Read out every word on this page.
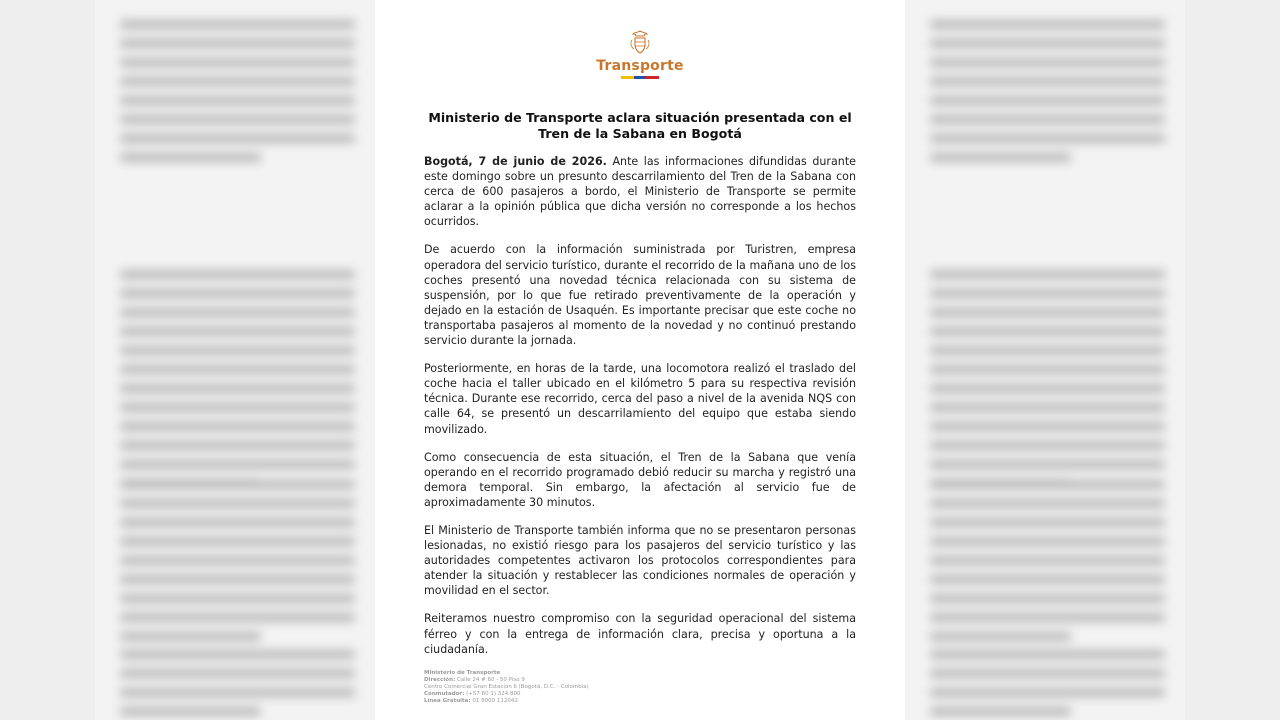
Transporte
Ministerio de Transporte aclara situación presentada con el Tren de la Sabana en Bogotá

Bogotá, 7 de junio de 2026. Ante las informaciones difundidas durante este domingo sobre un presunto descarrilamiento del Tren de la Sabana con cerca de 600 pasajeros a bordo, el Ministerio de Transporte se permite aclarar a la opinión pública que dicha versión no corresponde a los hechos ocurridos.

De acuerdo con la información suministrada por Turistren, empresa operadora del servicio turístico, durante el recorrido de la mañana uno de los coches presentó una novedad técnica relacionada con su sistema de suspensión, por lo que fue retirado preventivamente de la operación y dejado en la estación de Usaquén. Es importante precisar que este coche no transportaba pasajeros al momento de la novedad y no continuó prestando servicio durante la jornada.

Posteriormente, en horas de la tarde, una locomotora realizó el traslado del coche hacia el taller ubicado en el kilómetro 5 para su respectiva revisión técnica. Durante ese recorrido, cerca del paso a nivel de la avenida NQS con calle 64, se presentó un descarrilamiento del equipo que estaba siendo movilizado.

Como consecuencia de esta situación, el Tren de la Sabana que venía operando en el recorrido programado debió reducir su marcha y registró una demora temporal. Sin embargo, la afectación al servicio fue de aproximadamente 30 minutos.

El Ministerio de Transporte también informa que no se presentaron personas lesionadas, no existió riesgo para los pasajeros del servicio turístico y las autoridades competentes activaron los protocolos correspondientes para atender la situación y restablecer las condiciones normales de operación y movilidad en el sector.

Reiteramos nuestro compromiso con la seguridad operacional del sistema férreo y con la entrega de información clara, precisa y oportuna a la ciudadanía.

Ministerio de Transporte
Dirección: Calle 24 # 60 - 50 Piso 9
Centro Comercial Gran Estación II (Bogotá, D.C. - Colombia)
Conmutador: (+57 60 1) 324 800
Línea Gratuita: 01 8000 112042
